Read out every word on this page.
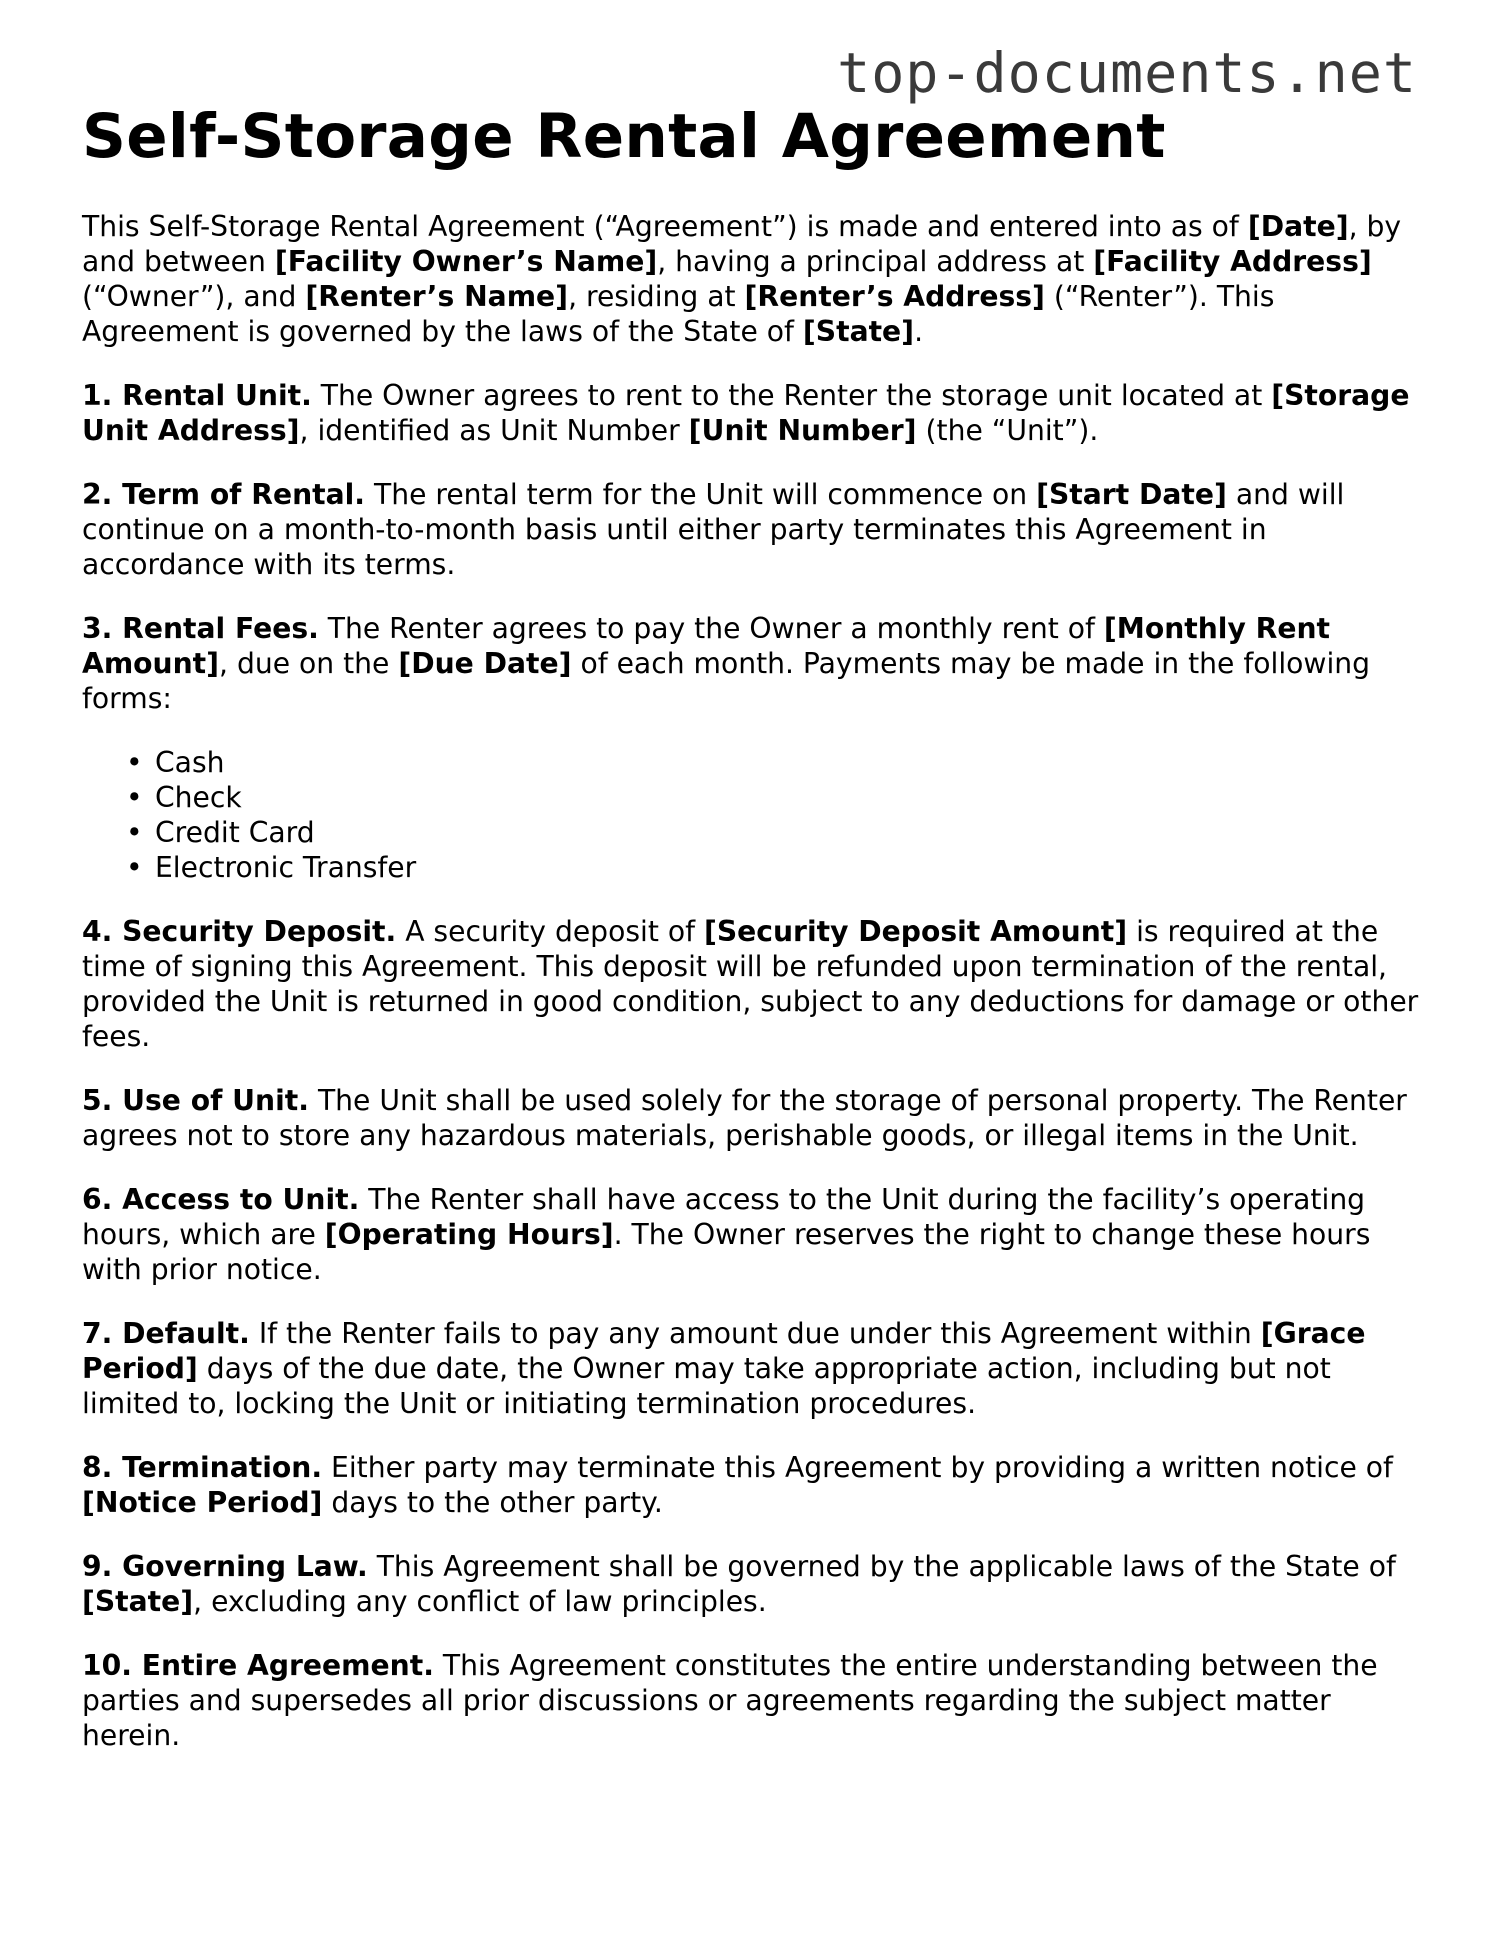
top-documents.net
Self-Storage Rental Agreement

This Self-Storage Rental Agreement (“Agreement”) is made and entered into as of [Date], by and between [Facility Owner’s Name], having a principal address at [Facility Address] (“Owner”), and [Renter’s Name], residing at [Renter’s Address] (“Renter”). This Agreement is governed by the laws of the State of [State].

1. Rental Unit. The Owner agrees to rent to the Renter the storage unit located at [Storage Unit Address], identified as Unit Number [Unit Number] (the “Unit”).

2. Term of Rental. The rental term for the Unit will commence on [Start Date] and will continue on a month-to-month basis until either party terminates this Agreement in accordance with its terms.

3. Rental Fees. The Renter agrees to pay the Owner a monthly rent of [Monthly Rent Amount], due on the [Due Date] of each month. Payments may be made in the following forms:

• Cash
• Check
• Credit Card
• Electronic Transfer

4. Security Deposit. A security deposit of [Security Deposit Amount] is required at the time of signing this Agreement. This deposit will be refunded upon termination of the rental, provided the Unit is returned in good condition, subject to any deductions for damage or other fees.

5. Use of Unit. The Unit shall be used solely for the storage of personal property. The Renter agrees not to store any hazardous materials, perishable goods, or illegal items in the Unit.

6. Access to Unit. The Renter shall have access to the Unit during the facility’s operating hours, which are [Operating Hours]. The Owner reserves the right to change these hours with prior notice.

7. Default. If the Renter fails to pay any amount due under this Agreement within [Grace Period] days of the due date, the Owner may take appropriate action, including but not limited to, locking the Unit or initiating termination procedures.

8. Termination. Either party may terminate this Agreement by providing a written notice of [Notice Period] days to the other party.

9. Governing Law. This Agreement shall be governed by the applicable laws of the State of [State], excluding any conflict of law principles.

10. Entire Agreement. This Agreement constitutes the entire understanding between the parties and supersedes all prior discussions or agreements regarding the subject matter herein.
